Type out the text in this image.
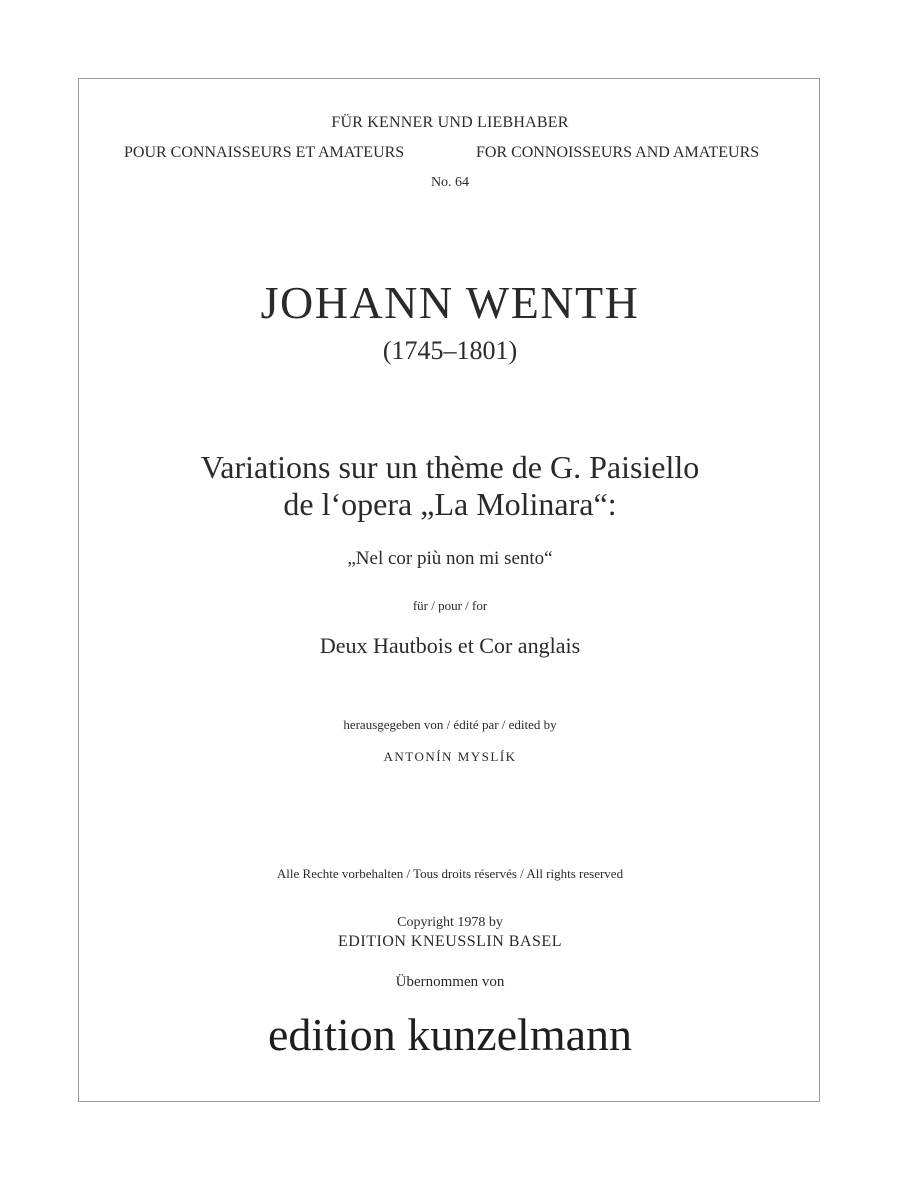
FÜR KENNER UND LIEBHABER
POUR CONNAISSEURS ET AMATEURS	FOR CONNOISSEURS AND AMATEURS
No. 64
JOHANN WENTH
(1745–1801)
Variations sur un thème de G. Paisiello
de l‘opera „La Molinara“:
„Nel cor più non mi sento“
für / pour / for
Deux Hautbois et Cor anglais
herausgegeben von / édité par / edited by
ANTONÍN MYSLÍK
Alle Rechte vorbehalten / Tous droits réservés / All rights reserved
Copyright 1978 by
EDITION KNEUSSLIN BASEL
Übernommen von
edition kunzelmann
